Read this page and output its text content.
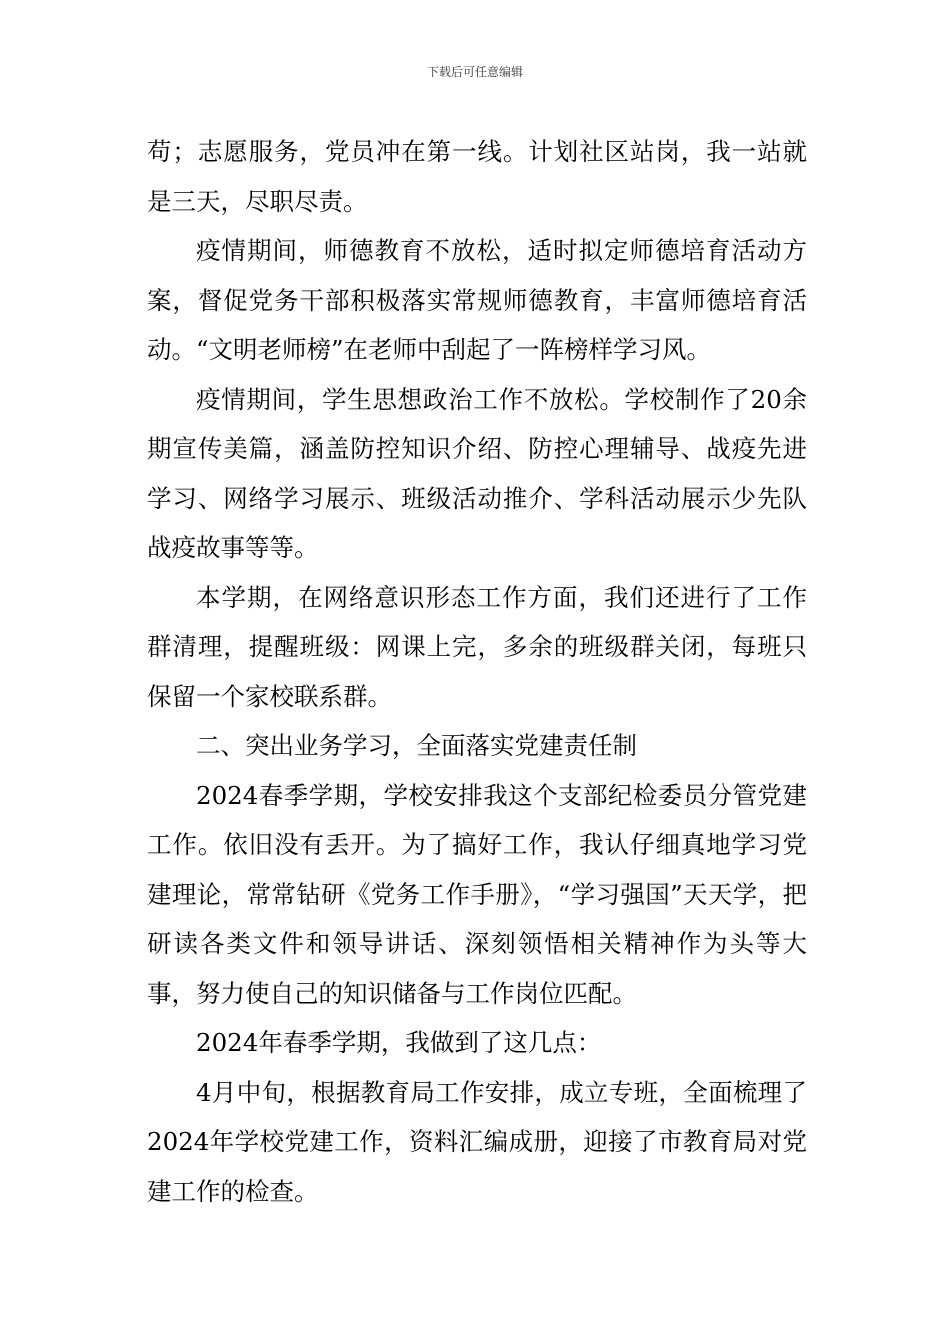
下载后可任意编辑

苟；志愿服务，党员冲在第一线。计划社区站岗，我一站就是三天，尽职尽责。

疫情期间，师德教育不放松，适时拟定师德培育活动方案，督促党务干部积极落实常规师德教育，丰富师德培育活动。“文明老师榜”在老师中刮起了一阵榜样学习风。

疫情期间，学生思想政治工作不放松。学校制作了20余期宣传美篇，涵盖防控知识介绍、防控心理辅导、战疫先进学习、网络学习展示、班级活动推介、学科活动展示少先队战疫故事等等。

本学期，在网络意识形态工作方面，我们还进行了工作群清理，提醒班级：网课上完，多余的班级群关闭，每班只保留一个家校联系群。

二、突出业务学习，全面落实党建责任制

2024春季学期，学校安排我这个支部纪检委员分管党建工作。依旧没有丢开。为了搞好工作，我认仔细真地学习党建理论，常常钻研《党务工作手册》，“学习强国”天天学，把研读各类文件和领导讲话、深刻领悟相关精神作为头等大事，努力使自己的知识储备与工作岗位匹配。

2024年春季学期，我做到了这几点：

4月中旬，根据教育局工作安排，成立专班，全面梳理了2024年学校党建工作，资料汇编成册，迎接了市教育局对党建工作的检查。
